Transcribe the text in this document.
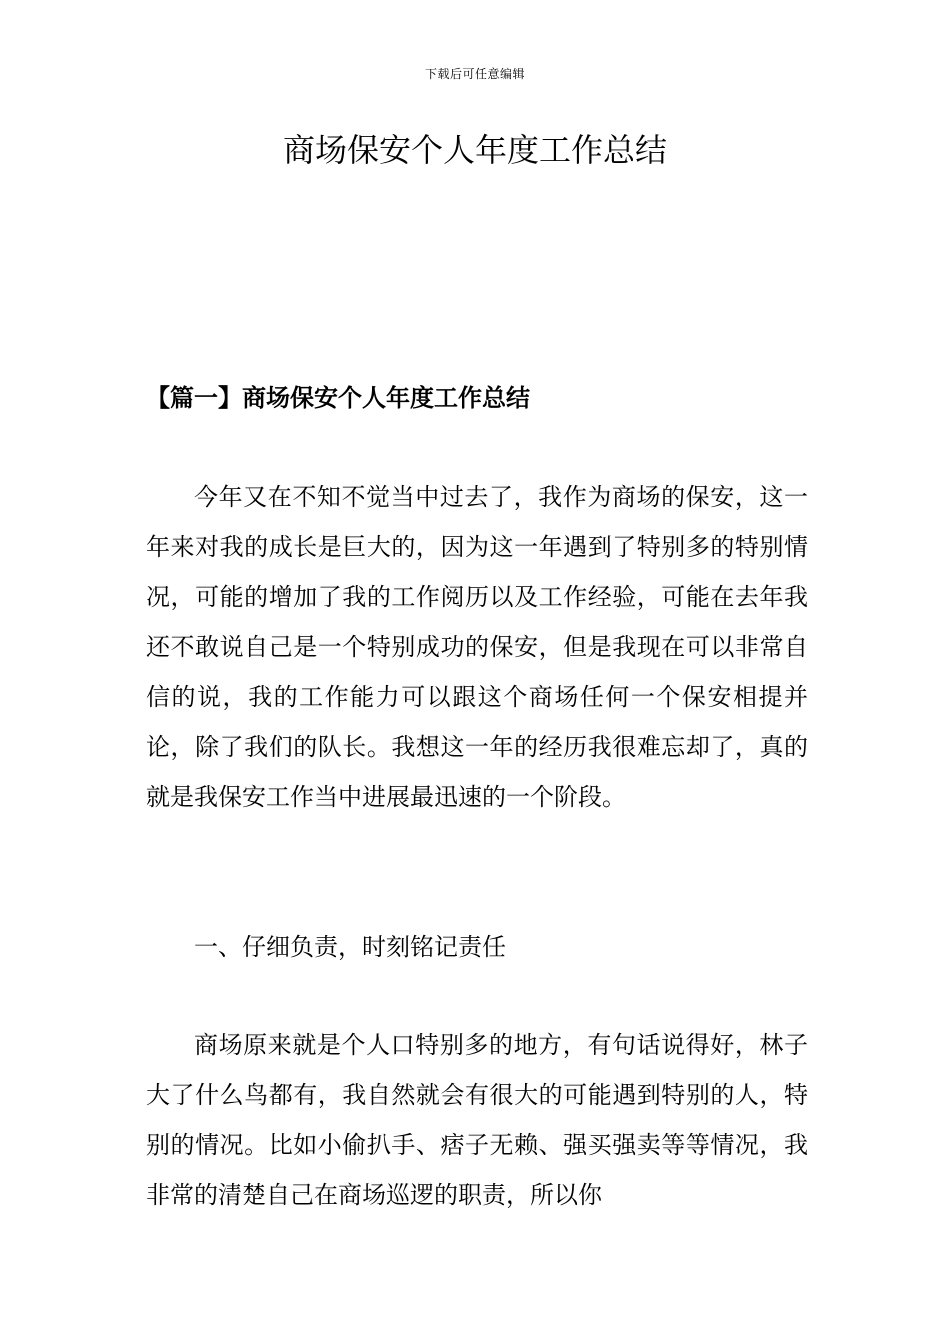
下载后可任意编辑
商场保安个人年度工作总结
【篇一】商场保安个人年度工作总结

今年又在不知不觉当中过去了，我作为商场的保安，这一年来对我的成长是巨大的，因为这一年遇到了特别多的特别情况，可能的增加了我的工作阅历以及工作经验，可能在去年我还不敢说自己是一个特别成功的保安，但是我现在可以非常自信的说，我的工作能力可以跟这个商场任何一个保安相提并论，除了我们的队长。我想这一年的经历我很难忘却了，真的就是我保安工作当中进展最迅速的一个阶段。

一、仔细负责，时刻铭记责任

商场原来就是个人口特别多的地方，有句话说得好，林子大了什么鸟都有，我自然就会有很大的可能遇到特别的人，特别的情况。比如小偷扒手、痞子无赖、强买强卖等等情况，我非常的清楚自己在商场巡逻的职责，所以你
